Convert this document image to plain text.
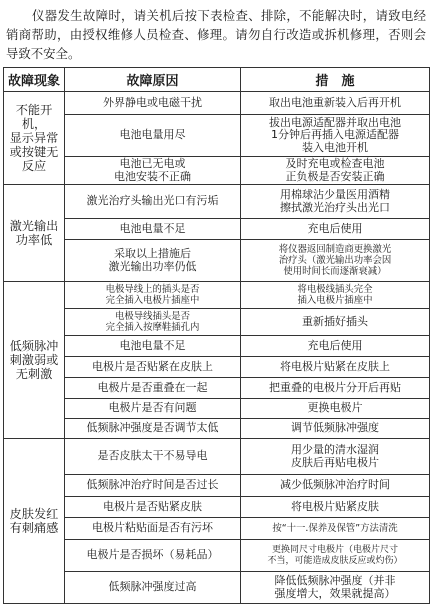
仪器发生故障时，请关机后按下表检查、排除，不能解决时，请致电经销商帮助，由授权维修人员检查、修理。请勿自行改造或拆机修理，否则会导致不安全。
故障现象	故障原因	措　施
不能开机，
显示异常
或按键无
反应	外界静电或电磁干扰	取出电池重新装入后再开机
	电池电量用尽	拔出电源适配器并取出电池
1分钟后再插入电源适配器
装入电池开机
	电池已无电或
电池安装不正确	及时充电或检查电池
正负极是否安装正确
激光输出
功率低	激光治疗头输出光口有污垢	用棉球沾少量医用酒精
擦拭激光治疗头出光口
	电池电量不足	充电后使用
	采取以上措施后
激光输出功率仍低	将仪器返回制造商更换激光
治疗头（激光输出功率会因
使用时间长而逐渐衰减）
低频脉冲
刺激弱或
无刺激	电极导线上的插头是否
完全插入电极片插座中	将电极线插头完全
插入电极片插座中
	电极导线插头是否
完全插入按摩鞋插孔内	重新插好插头
	电池电量不足	充电后使用
	电极片是否贴紧在皮肤上	将电极片贴紧在皮肤上
	电极片是否重叠在一起	把重叠的电极片分开后再贴
	电极片是否有问题	更换电极片
	低频脉冲强度是否调节太低	调节低频脉冲强度
皮肤发红
有刺痛感	是否皮肤太干不易导电	用少量的清水湿润
皮肤后再贴电极片
	低频脉冲治疗时间是否过长	减少低频脉冲治疗时间
	电极片是否贴紧皮肤	将电极片贴紧皮肤
	电极片粘贴面是否有污坏	按“十一.保养及保管”方法清洗
	电极片是否损坏（易耗品）	更换同尺寸电极片（电极片尺寸
不当，可能造成皮肤反应或灼伤）
	低频脉冲强度过高	降低低频脉冲强度（并非
强度增大，效果就提高）
